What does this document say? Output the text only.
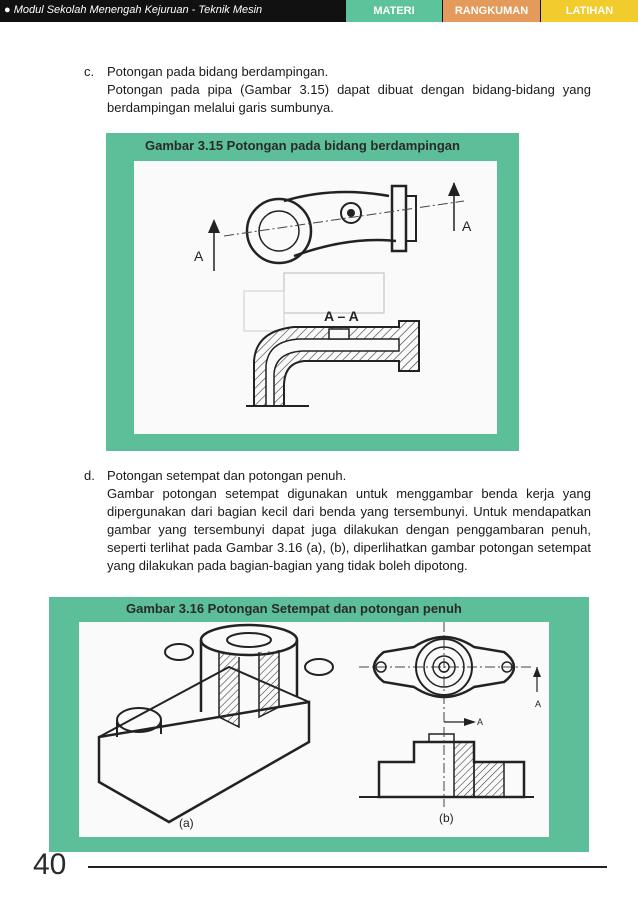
● Modul Sekolah Menengah Kejuruan - Teknik Mesin	MATERI	RANGKUMAN	LATIHAN
c. Potongan pada bidang berdampingan.
Potongan pada pipa (Gambar 3.15) dapat dibuat dengan bidang-bidang yang berdampingan melalui garis sumbunya.
Gambar 3.15 Potongan pada bidang berdampingan
A
A
A – A
d. Potongan setempat dan potongan penuh.
Gambar potongan setempat digunakan untuk menggambar benda kerja yang dipergunakan dari bagian kecil dari benda yang tersembunyi. Untuk mendapatkan gambar yang tersembunyi dapat juga dilakukan dengan penggambaran penuh, seperti terlihat pada Gambar 3.16 (a), (b), diperlihatkan gambar potongan setempat yang dilakukan pada bagian-bagian yang tidak boleh dipotong.
Gambar 3.16 Potongan Setempat dan potongan penuh
(a)
A
A
(b)
40
